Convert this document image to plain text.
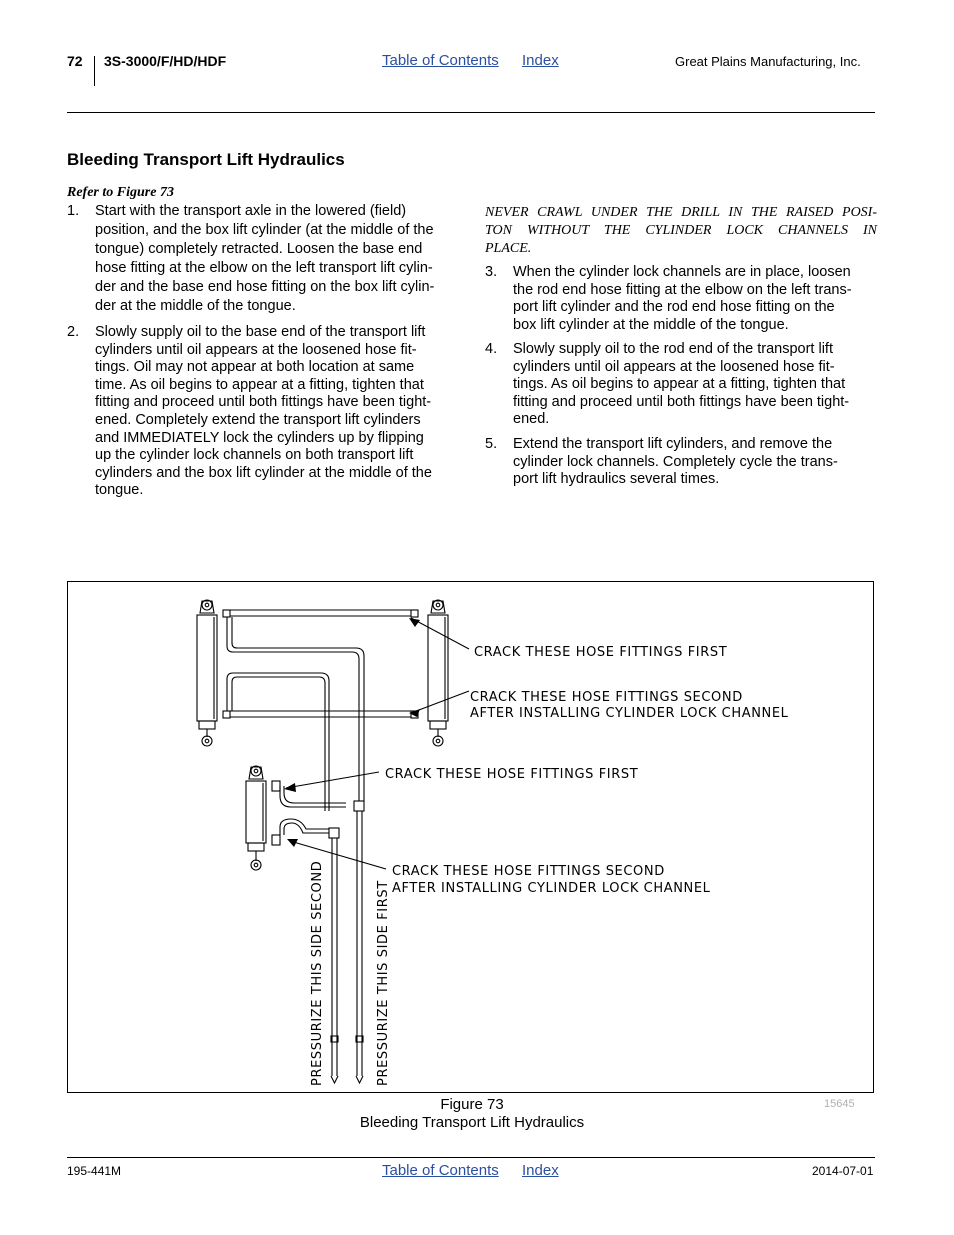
72 3S-3000/F/HD/HDF	Table of Contents Index	Great Plains Manufacturing, Inc.
Bleeding Transport Lift Hydraulics
Refer to Figure 73
1. Start with the transport axle in the lowered (field)
position, and the box lift cylinder (at the middle of the
tongue) completely retracted. Loosen the base end
hose fitting at the elbow on the left transport lift cylin-
der and the base end hose fitting on the box lift cylin-
der at the middle of the tongue.
2. Slowly supply oil to the base end of the transport lift
cylinders until oil appears at the loosened hose fit-
tings. Oil may not appear at both location at same
time. As oil begins to appear at a fitting, tighten that
fitting and proceed until both fittings have been tight-
ened. Completely extend the transport lift cylinders
and IMMEDIATELY lock the cylinders up by flipping
up the cylinder lock channels on both transport lift
cylinders and the box lift cylinder at the middle of the
tongue.
NEVER CRAWL UNDER THE DRILL IN THE RAISED POSI-
TON WITHOUT THE CYLINDER LOCK CHANNELS IN
PLACE.
3. When the cylinder lock channels are in place, loosen
the rod end hose fitting at the elbow on the left trans-
port lift cylinder and the rod end hose fitting on the
box lift cylinder at the middle of the tongue.
4. Slowly supply oil to the rod end of the transport lift
cylinders until oil appears at the loosened hose fit-
tings. As oil begins to appear at a fitting, tighten that
fitting and proceed until both fittings have been tight-
ened.
5. Extend the transport lift cylinders, and remove the
cylinder lock channels. Completely cycle the trans-
port lift hydraulics several times.
CRACK THESE HOSE FITTINGS FIRST
CRACK THESE HOSE FITTINGS SECOND
AFTER INSTALLING CYLINDER LOCK CHANNEL
CRACK THESE HOSE FITTINGS FIRST
CRACK THESE HOSE FITTINGS SECOND
AFTER INSTALLING CYLINDER LOCK CHANNEL
PRESSURIZE THIS SIDE SECOND	PRESSURIZE THIS SIDE FIRST
15645
Figure 73
Bleeding Transport Lift Hydraulics
195-441M	Table of Contents Index	2014-07-01
